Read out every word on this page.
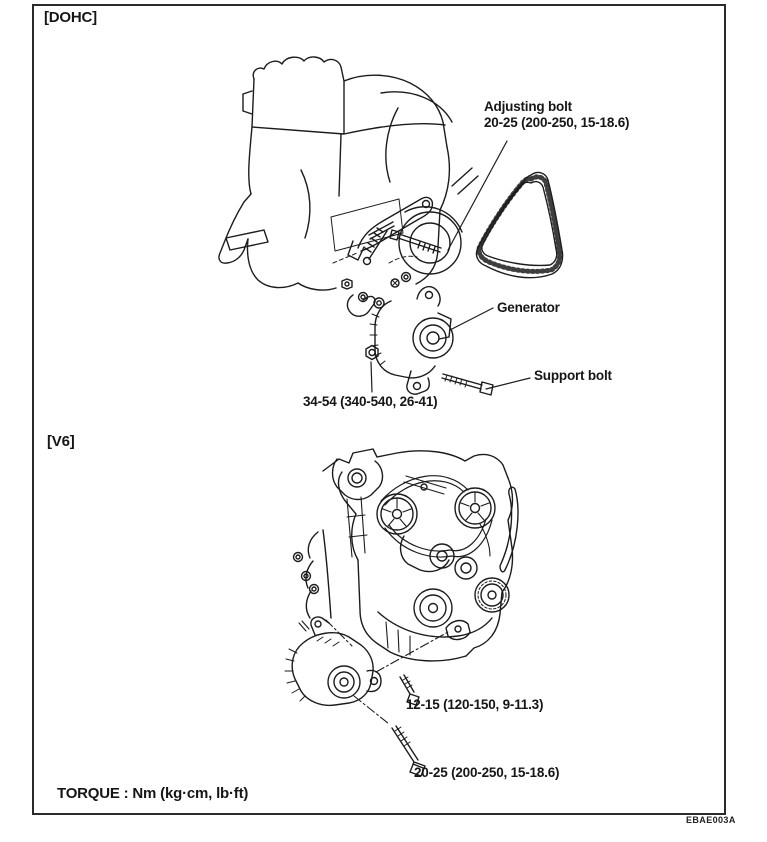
[DOHC]
Adjusting bolt
20-25 (200-250, 15-18.6)
Generator
Support bolt
34-54 (340-540, 26-41)
[V6]
12-15 (120-150, 9-11.3)
20-25 (200-250, 15-18.6)
TORQUE : Nm (kg·cm, lb·ft)
EBAE003A
